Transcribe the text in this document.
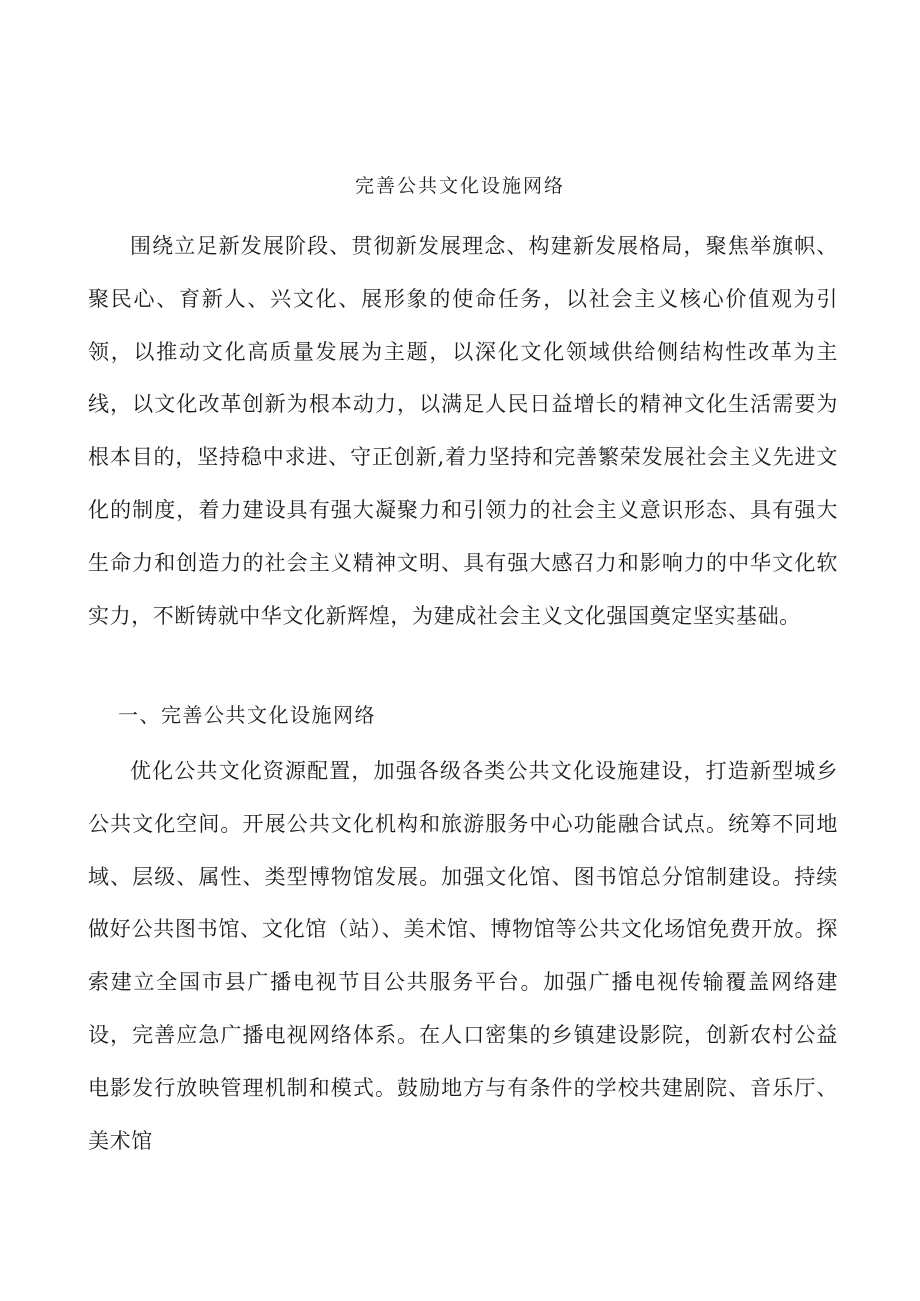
完善公共文化设施网络

围绕立足新发展阶段、贯彻新发展理念、构建新发展格局，聚焦举旗帜、聚民心、育新人、兴文化、展形象的使命任务，以社会主义核心价值观为引领，以推动文化高质量发展为主题，以深化文化领域供给侧结构性改革为主线，以文化改革创新为根本动力，以满足人民日益增长的精神文化生活需要为根本目的，坚持稳中求进、守正创新,着力坚持和完善繁荣发展社会主义先进文化的制度，着力建设具有强大凝聚力和引领力的社会主义意识形态、具有强大生命力和创造力的社会主义精神文明、具有强大感召力和影响力的中华文化软实力，不断铸就中华文化新辉煌，为建成社会主义文化强国奠定坚实基础。

一、完善公共文化设施网络

优化公共文化资源配置，加强各级各类公共文化设施建设，打造新型城乡公共文化空间。开展公共文化机构和旅游服务中心功能融合试点。统筹不同地域、层级、属性、类型博物馆发展。加强文化馆、图书馆总分馆制建设。持续做好公共图书馆、文化馆（站）、美术馆、博物馆等公共文化场馆免费开放。探索建立全国市县广播电视节目公共服务平台。加强广播电视传输覆盖网络建设，完善应急广播电视网络体系。在人口密集的乡镇建设影院，创新农村公益电影发行放映管理机制和模式。鼓励地方与有条件的学校共建剧院、音乐厅、美术馆
